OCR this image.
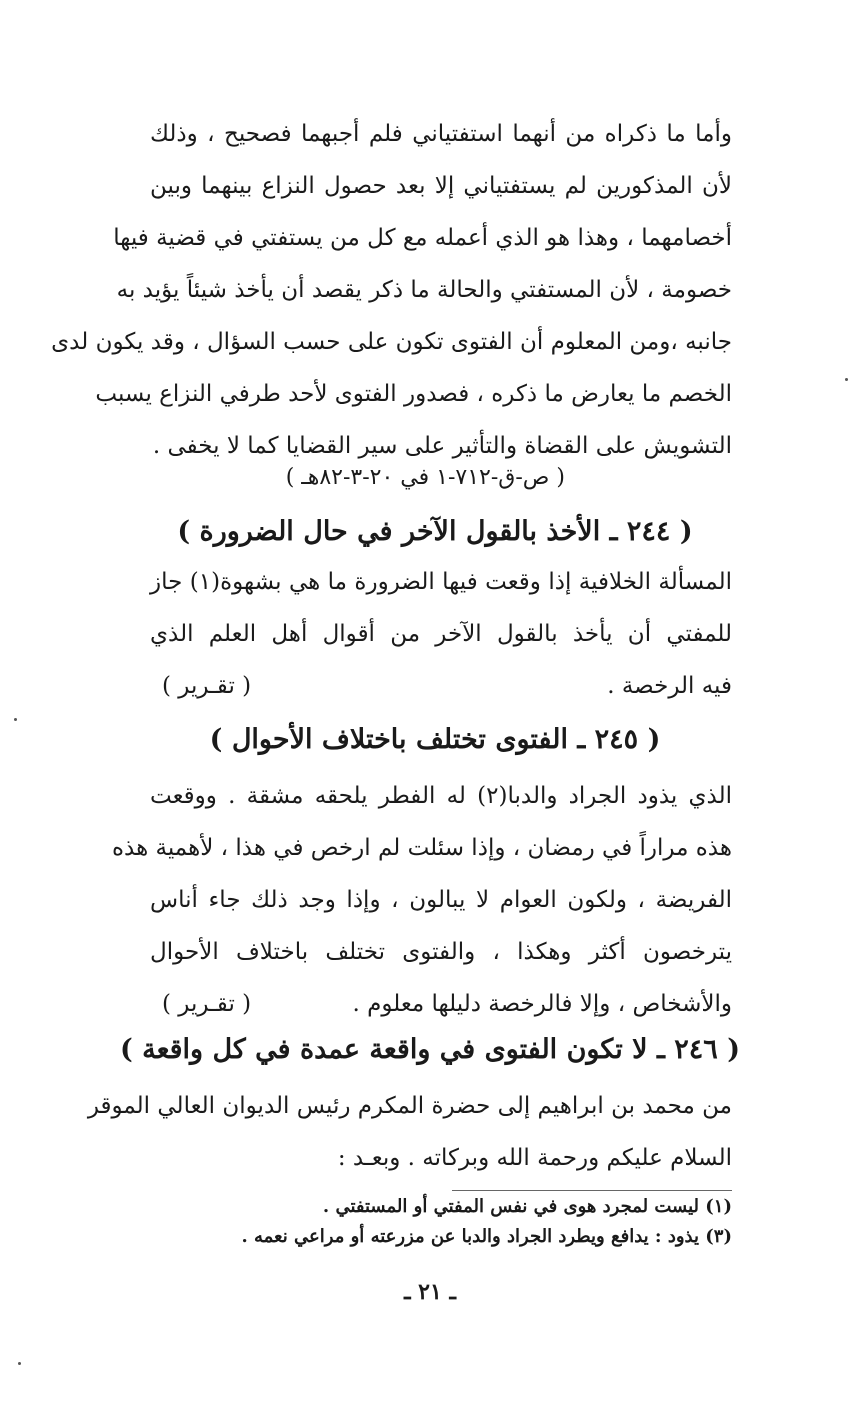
وأما ما ذكراه من أنهما استفتياني فلم أجبهما فصحيح ، وذلك
لأن المذكورين لم يستفتياني إلا بعد حصول النزاع بينهما وبين
أخصامهما ، وهذا هو الذي أعمله مع كل من يستفتي في قضية فيها
خصومة ، لأن المستفتي والحالة ما ذكر يقصد أن يأخذ شيئاً يؤيد به
جانبه ،ومن المعلوم أن الفتوى تكون على حسب السؤال ، وقد يكون لدى
الخصم ما يعارض ما ذكره ، فصدور الفتوى لأحد طرفي النزاع يسبب
التشويش على القضاة والتأثير على سير القضايا كما لا يخفى .
( ص-ق-٧١٢-١ في ٢٠-٣-٨٢هـ )
( ٢٤٤ ـ الأخذ بالقول الآخر في حال الضرورة )
المسألة الخلافية إذا وقعت فيها الضرورة ما هي بشهوة(١) جاز
للمفتي أن يأخذ بالقول الآخر من أقوال أهل العلم الذي
فيه الرخصة .
( تقـرير )
( ٢٤٥ ـ الفتوى تختلف باختلاف الأحوال )
الذي يذود الجراد والدبا(٢) له الفطر يلحقه مشقة . ووقعت
هذه مراراً في رمضان ، وإذا سئلت لم ارخص في هذا ، لأهمية هذه
الفريضة ، ولكون العوام لا يبالون ، وإذا وجد ذلك جاء أناس
يترخصون أكثر وهكذا ، والفتوى تختلف باختلاف الأحوال
والأشخاص ، وإلا فالرخصة دليلها معلوم .
( تقـرير )
( ٢٤٦ ـ لا تكون الفتوى في واقعة عمدة في كل واقعة )
من محمد بن ابراهيم إلى حضرة المكرم رئيس الديوان العالي الموقر
السلام عليكم ورحمة الله وبركاته . وبعـد :
(١) ليست لمجرد هوى في نفس المفتي أو المستفتي .
(٣) يذود : يدافع ويطرد الجراد والدبا عن مزرعته أو مراعي نعمه .
ـ ٢١ ـ
